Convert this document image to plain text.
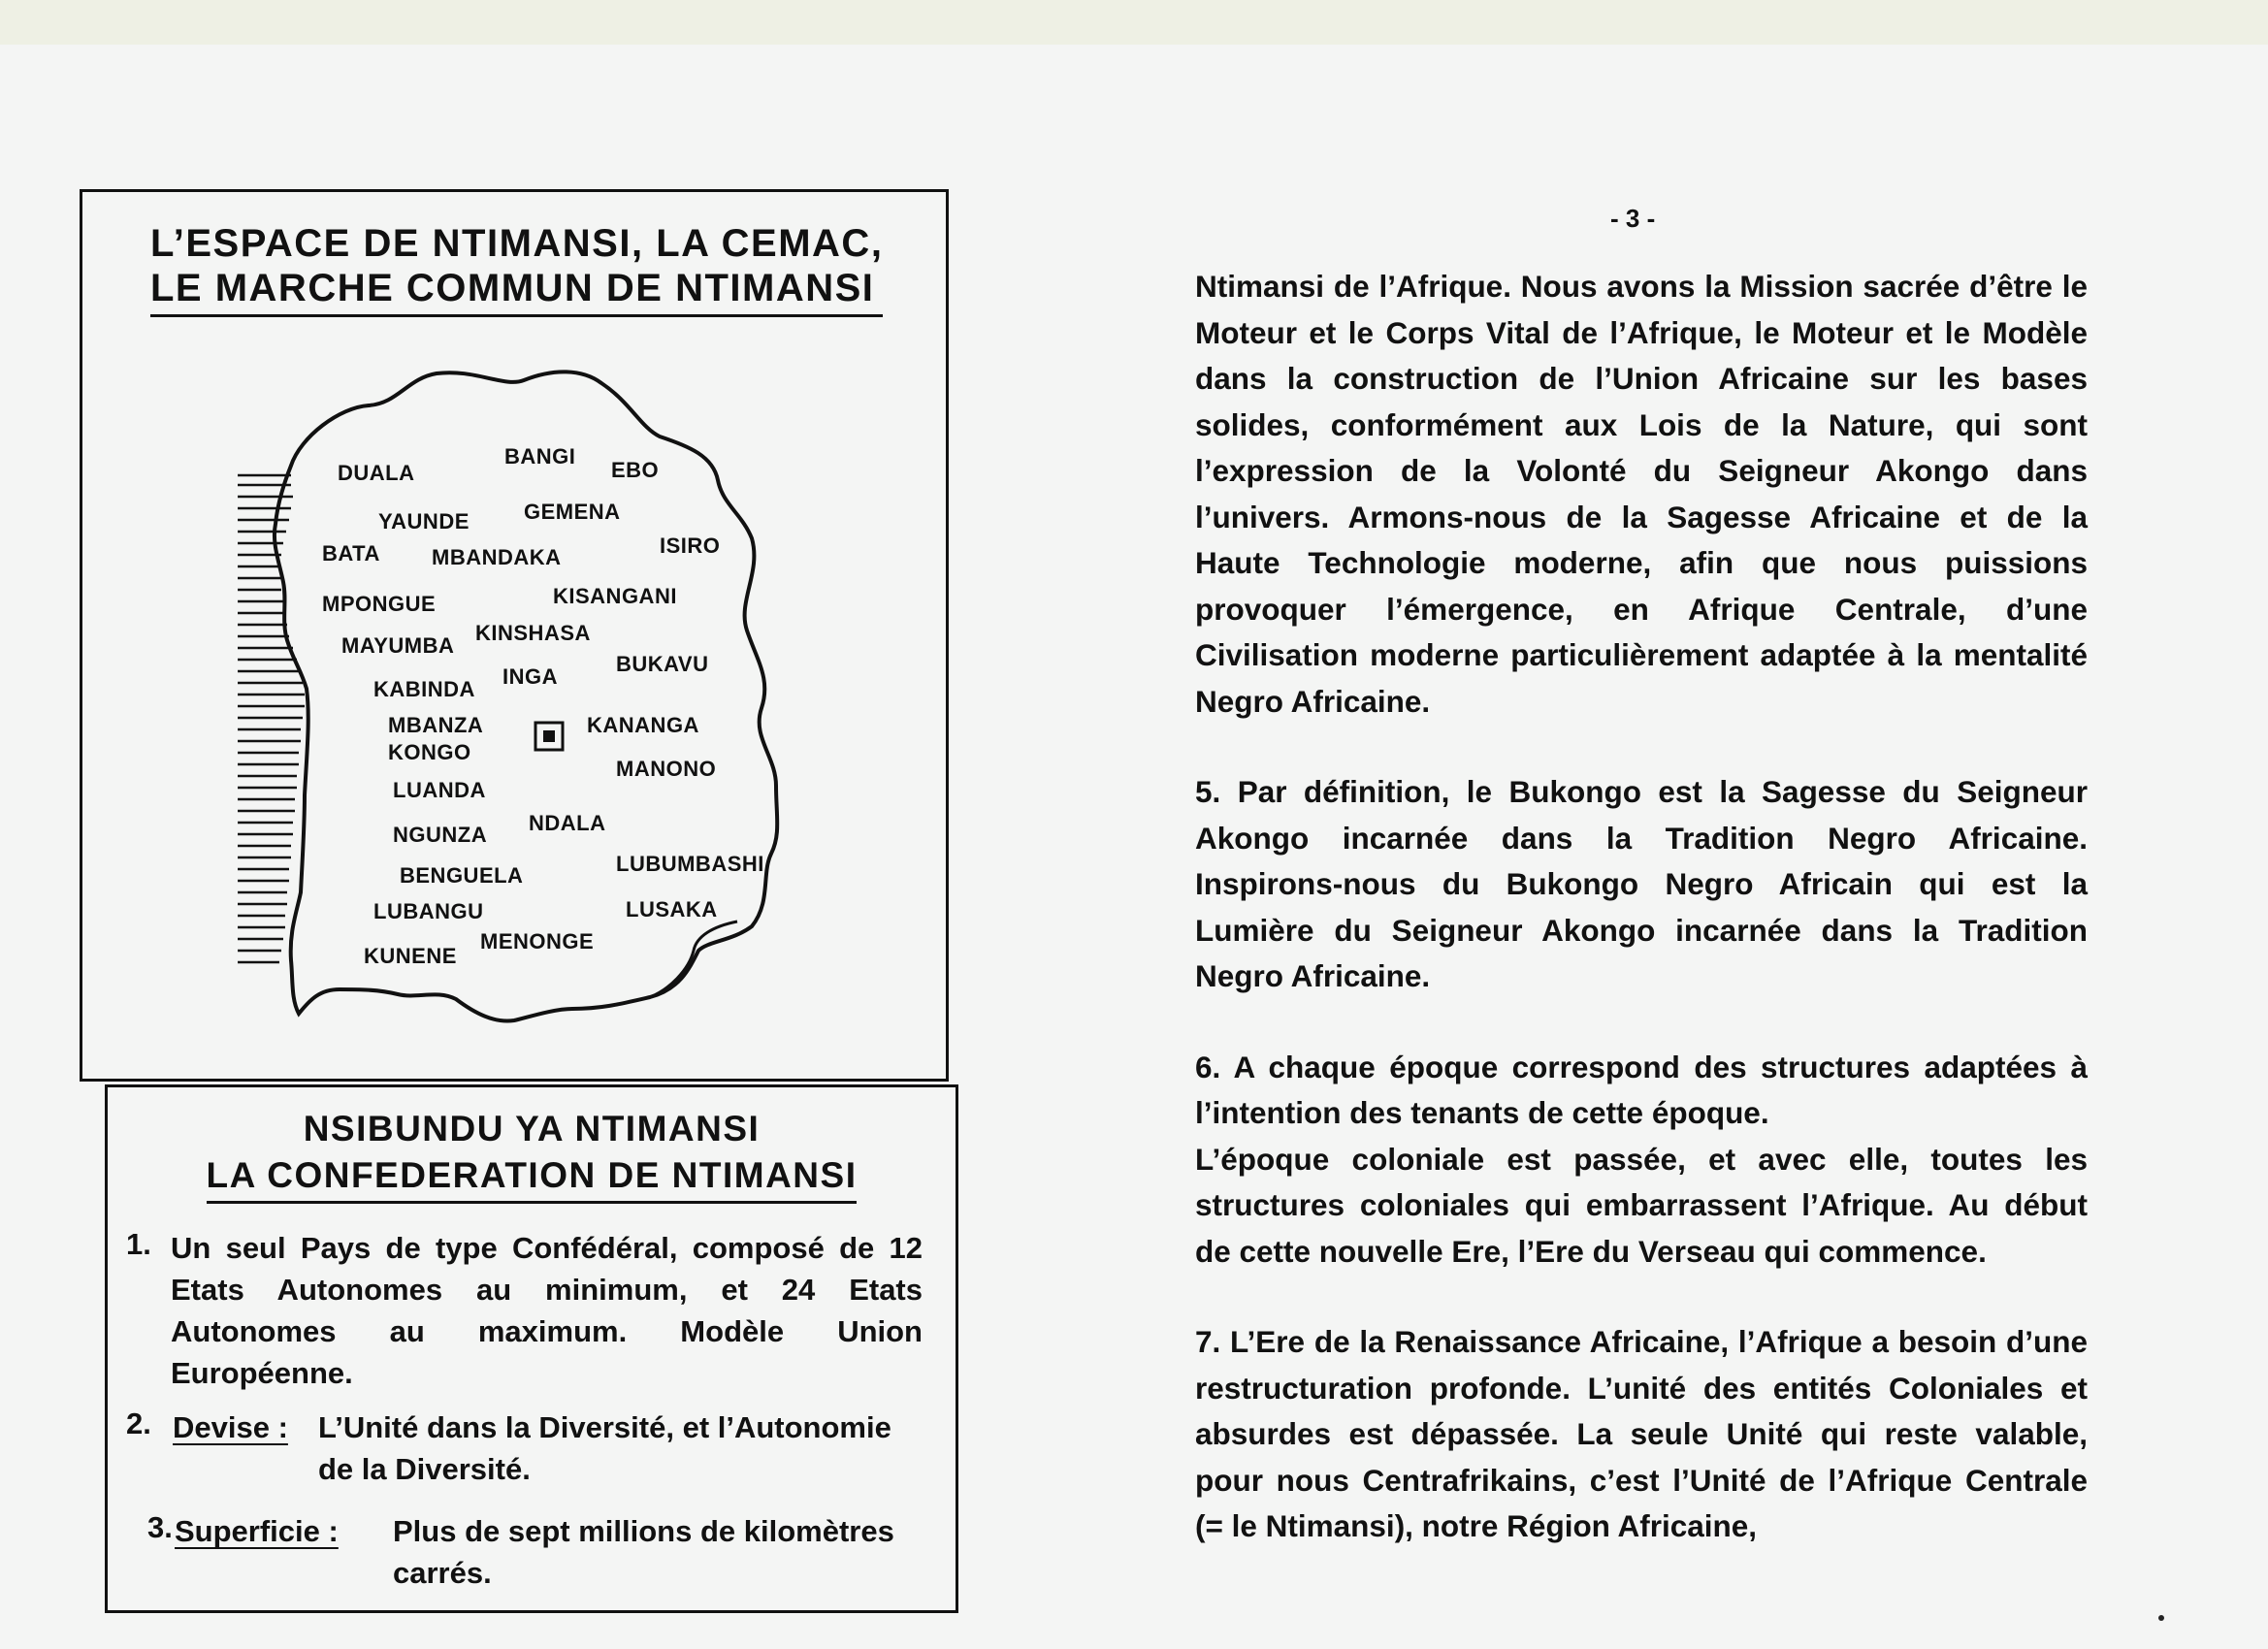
- 3 -
L’ESPACE DE NTIMANSI, LA CEMAC,
LE MARCHE COMMUN DE NTIMANSI
DUALA
BANGI
EBO
YAUNDE	GEMENA
ISIRO
BATA MBANDAKA
MPONGUE	KISANGANI
MAYUMBA
KINSHASA
BUKAVU
KABINDA
INGA
MBANZA
KONGO
KANANGA
MANONO
LUANDA
NGUNZA NDALA
LUBUMBASHI
BENGUELA
LUBANGU	LUSAKA
MENONGE
KUNENE
NSIBUNDU YA NTIMANSI
LA CONFEDERATION DE NTIMANSI
1. Un seul Pays de type Confédéral, composé de 12 Etats Autonomes au minimum, et 24 Etats Autonomes au maximum. Modèle Union Européenne.
2. Devise : L’Unité dans la Diversité, et l’Autonomie de la Diversité.
3. Superficie : Plus de sept millions de kilomètres carrés.

Ntimansi de l’Afrique. Nous avons la Mission sacrée d’être le Moteur et le Corps Vital de l’Afrique, le Moteur et le Modèle dans la construction de l’Union Africaine sur les bases solides, conformément aux Lois de la Nature, qui sont l’expression de la Volonté du Seigneur Akongo dans l’univers. Armons-nous de la Sagesse Africaine et de la Haute Technologie moderne, afin que nous puissions provoquer l’émergence, en Afrique Centrale, d’une Civilisation moderne particulièrement adaptée à la mentalité Negro Africaine.

5. Par définition, le Bukongo est la Sagesse du Seigneur Akongo incarnée dans la Tradition Negro Africaine. Inspirons-nous du Bukongo Negro Africain qui est la Lumière du Seigneur Akongo incarnée dans la Tradition Negro Africaine.

6. A chaque époque correspond des structures adaptées à l’intention des tenants de cette époque.

L’époque coloniale est passée, et avec elle, toutes les structures coloniales qui embarrassent l’Afrique. Au début de cette nouvelle Ere, l’Ere du Verseau qui commence.

7. L’Ere de la Renaissance Africaine, l’Afrique a besoin d’une restructuration profonde. L’unité des entités Coloniales et absurdes est dépassée. La seule Unité qui reste valable, pour nous Centrafrikains, c’est l’Unité de l’Afrique Centrale (= le Ntimansi), notre Région Africaine,
